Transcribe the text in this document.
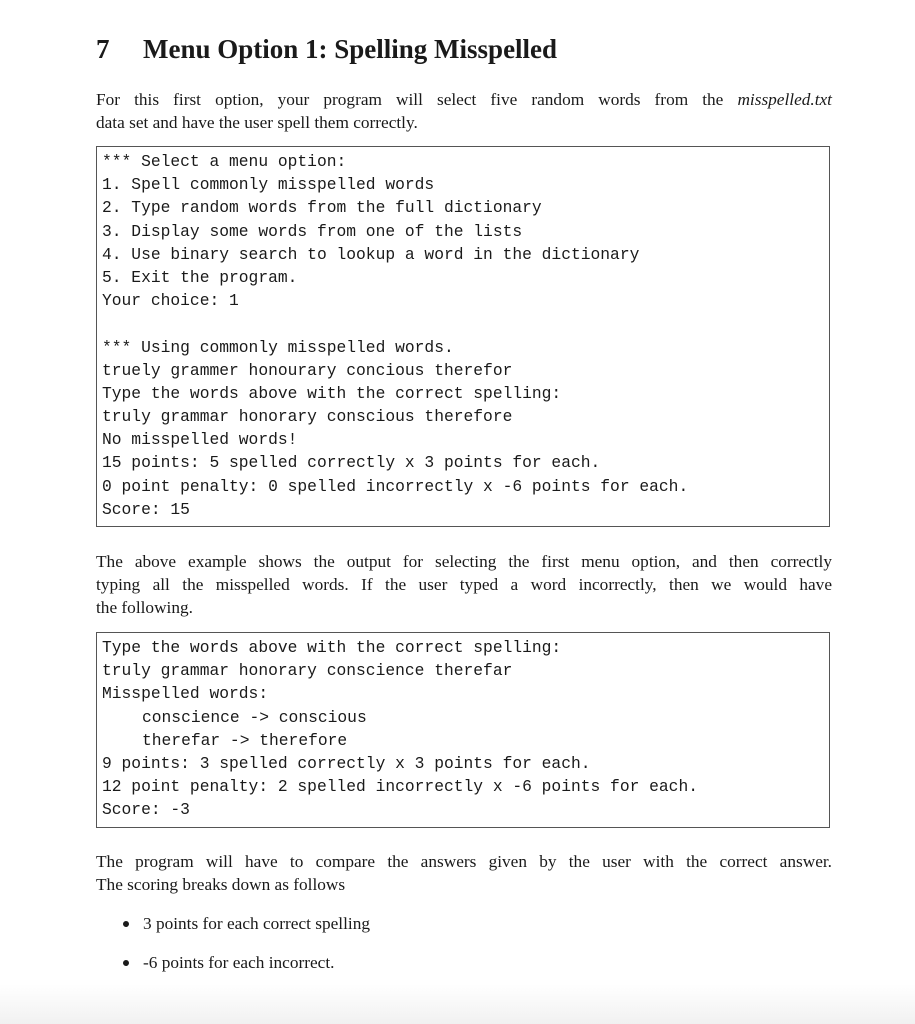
7 Menu Option 1: Spelling Misspelled

For this first option, your program will select five random words from the misspelled.txt
data set and have the user spell them correctly.

*** Select a menu option:
1. Spell commonly misspelled words
2. Type random words from the full dictionary
3. Display some words from one of the lists
4. Use binary search to lookup a word in the dictionary
5. Exit the program.
Your choice: 1
*** Using commonly misspelled words.
truely grammer honourary concious therefor
Type the words above with the correct spelling:
truly grammar honorary conscious therefore
No misspelled words!
15 points: 5 spelled correctly x 3 points for each.
0 point penalty: 0 spelled incorrectly x -6 points for each.
Score: 15

The above example shows the output for selecting the first menu option, and then correctly
typing all the misspelled words. If the user typed a word incorrectly, then we would have
the following.

Type the words above with the correct spelling:
truly grammar honorary conscience therefar
Misspelled words:
conscience -> conscious
therefar -> therefore
9 points: 3 spelled correctly x 3 points for each.
12 point penalty: 2 spelled incorrectly x -6 points for each.
Score: -3

The program will have to compare the answers given by the user with the correct answer.
The scoring breaks down as follows

3 points for each correct spelling
-6 points for each incorrect.
